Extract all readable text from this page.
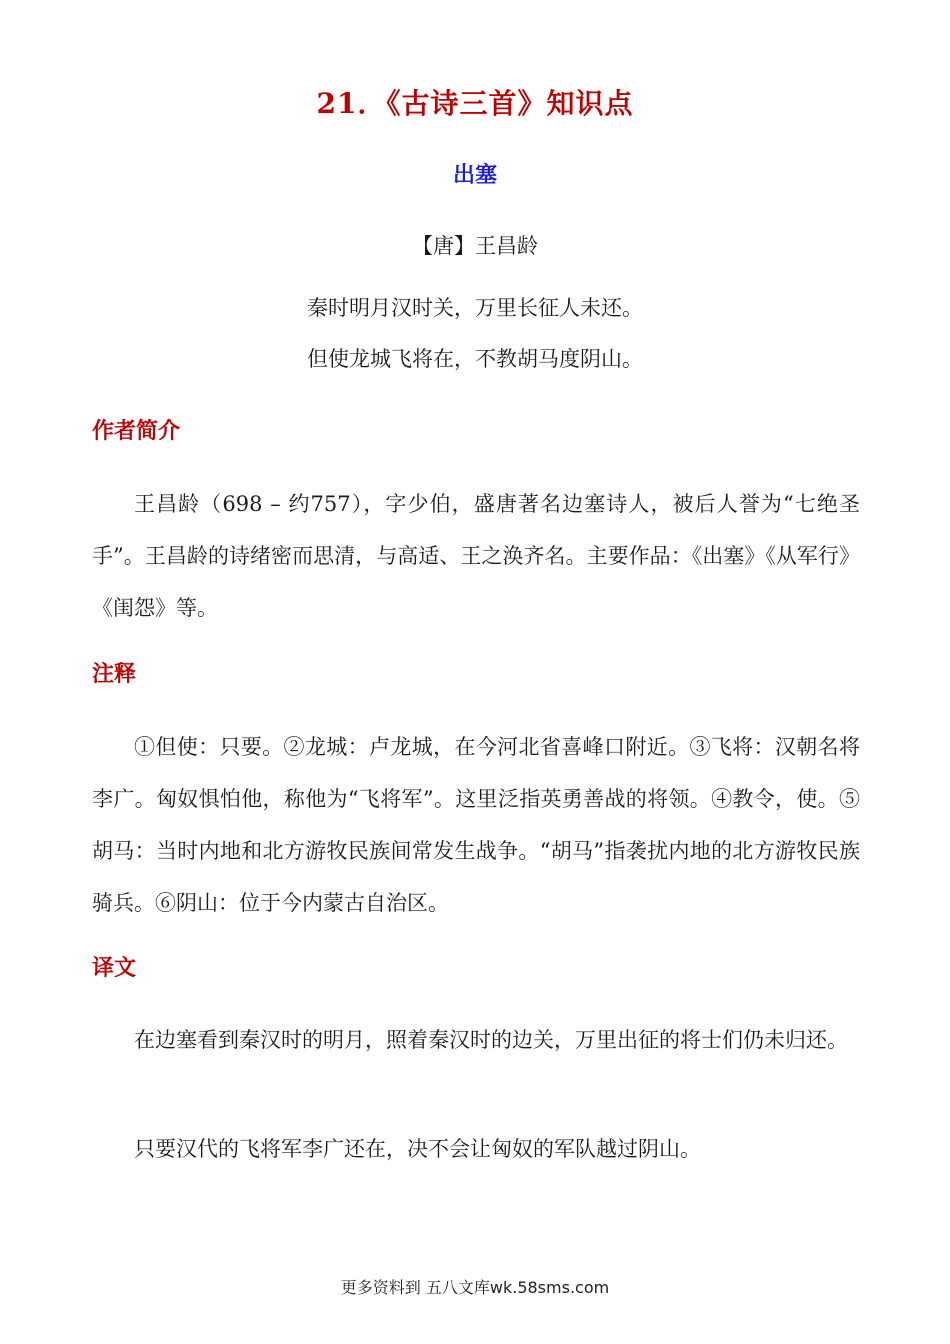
21．《古诗三首》知识点
出塞
【唐】王昌龄
秦时明月汉时关，万里长征人未还。
但使龙城飞将在，不教胡马度阴山。
作者简介
王昌龄（698 – 约757），字少伯，盛唐著名边塞诗人，被后人誉为“七绝圣手”。王昌龄的诗绪密而思清，与高适、王之涣齐名。主要作品：《出塞》《从军行》《闺怨》等。
注释
①但使：只要。②龙城：卢龙城，在今河北省喜峰口附近。③飞将：汉朝名将李广。匈奴惧怕他，称他为“飞将军”。这里泛指英勇善战的将领。④教令，使。⑤胡马：当时内地和北方游牧民族间常发生战争。“胡马”指袭扰内地的北方游牧民族骑兵。⑥阴山：位于今内蒙古自治区。
译文
在边塞看到秦汉时的明月，照着秦汉时的边关，万里出征的将士们仍未归还。
只要汉代的飞将军李广还在，决不会让匈奴的军队越过阴山。
更多资料到 五八文库wk.58sms.com
